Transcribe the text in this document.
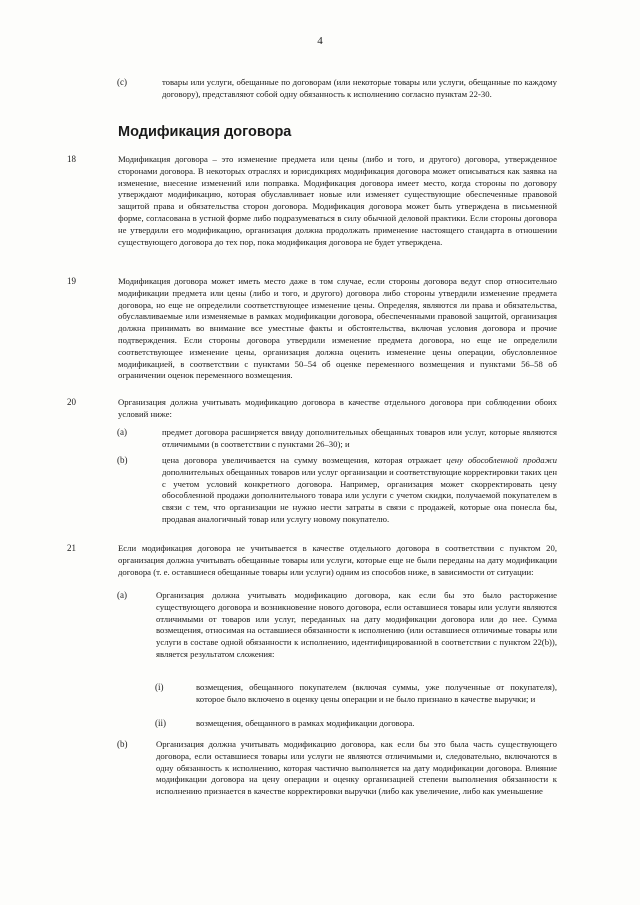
4
(c)	товары или услуги, обещанные по договорам (или некоторые товары или услуги, обещанные по каждому договору), представляют собой одну обязанность к исполнению согласно пунктам 22-30.
Модификация договора
18	Модификация договора – это изменение предмета или цены (либо и того, и другого) договора, утвержденное сторонами договора. В некоторых отраслях и юрисдикциях модификация договора может описываться как заявка на изменение, внесение изменений или поправка. Модификация договора имеет место, когда стороны по договору утверждают модификацию, которая обуславливает новые или изменяет существующие обеспеченные правовой защитой права и обязательства сторон договора. Модификация договора может быть утверждена в письменной форме, согласована в устной форме либо подразумеваться в силу обычной деловой практики. Если стороны договора не утвердили его модификацию, организация должна продолжать применение настоящего стандарта в отношении существующего договора до тех пор, пока модификация договора не будет утверждена.
19	Модификация договора может иметь место даже в том случае, если стороны договора ведут спор относительно модификации предмета или цены (либо и того, и другого) договора либо стороны утвердили изменение предмета договора, но еще не определили соответствующее изменение цены. Определяя, являются ли права и обязательства, обуславливаемые или изменяемые в рамках модификации договора, обеспеченными правовой защитой, организация должна принимать во внимание все уместные факты и обстоятельства, включая условия договора и прочие подтверждения. Если стороны договора утвердили изменение предмета договора, но еще не определили соответствующее изменение цены, организация должна оценить изменение цены операции, обусловленное модификацией, в соответствии с пунктами 50–54 об оценке переменного возмещения и пунктами 56–58 об ограничении оценок переменного возмещения.
20	Организация должна учитывать модификацию договора в качестве отдельного договора при соблюдении обоих условий ниже:
(a)	предмет договора расширяется ввиду дополнительных обещанных товаров или услуг, которые являются отличимыми (в соответствии с пунктами 26–30); и
(b)	цена договора увеличивается на сумму возмещения, которая отражает цену обособленной продажи дополнительных обещанных товаров или услуг организации и соответствующие корректировки таких цен с учетом условий конкретного договора. Например, организация может скорректировать цену обособленной продажи дополнительного товара или услуги с учетом скидки, получаемой покупателем в связи с тем, что организации не нужно нести затраты в связи с продажей, которые она понесла бы, продавая аналогичный товар или услугу новому покупателю.
21	Если модификация договора не учитывается в качестве отдельного договора в соответствии с пунктом 20, организация должна учитывать обещанные товары или услуги, которые еще не были переданы на дату модификации договора (т. е. оставшиеся обещанные товары или услуги) одним из способов ниже, в зависимости от ситуации:
(a)	Организация должна учитывать модификацию договора, как если бы это было расторжение существующего договора и возникновение нового договора, если оставшиеся товары или услуги являются отличимыми от товаров или услуг, переданных на дату модификации договора или до нее. Сумма возмещения, относимая на оставшиеся обязанности к исполнению (или оставшиеся отличимые товары или услуги в составе одной обязанности к исполнению, идентифицированной в соответствии с пунктом 22(b)), является результатом сложения:
(i)	возмещения, обещанного покупателем (включая суммы, уже полученные от покупателя), которое было включено в оценку цены операции и не было признано в качестве выручки; и
(ii)	возмещения, обещанного в рамках модификации договора.
(b)	Организация должна учитывать модификацию договора, как если бы это была часть существующего договора, если оставшиеся товары или услуги не являются отличимыми и, следовательно, включаются в одну обязанность к исполнению, которая частично выполняется на дату модификации договора. Влияние модификации договора на цену операции и оценку организацией степени выполнения обязанности к исполнению признается в качестве корректировки выручки (либо как увеличение, либо как уменьшение
